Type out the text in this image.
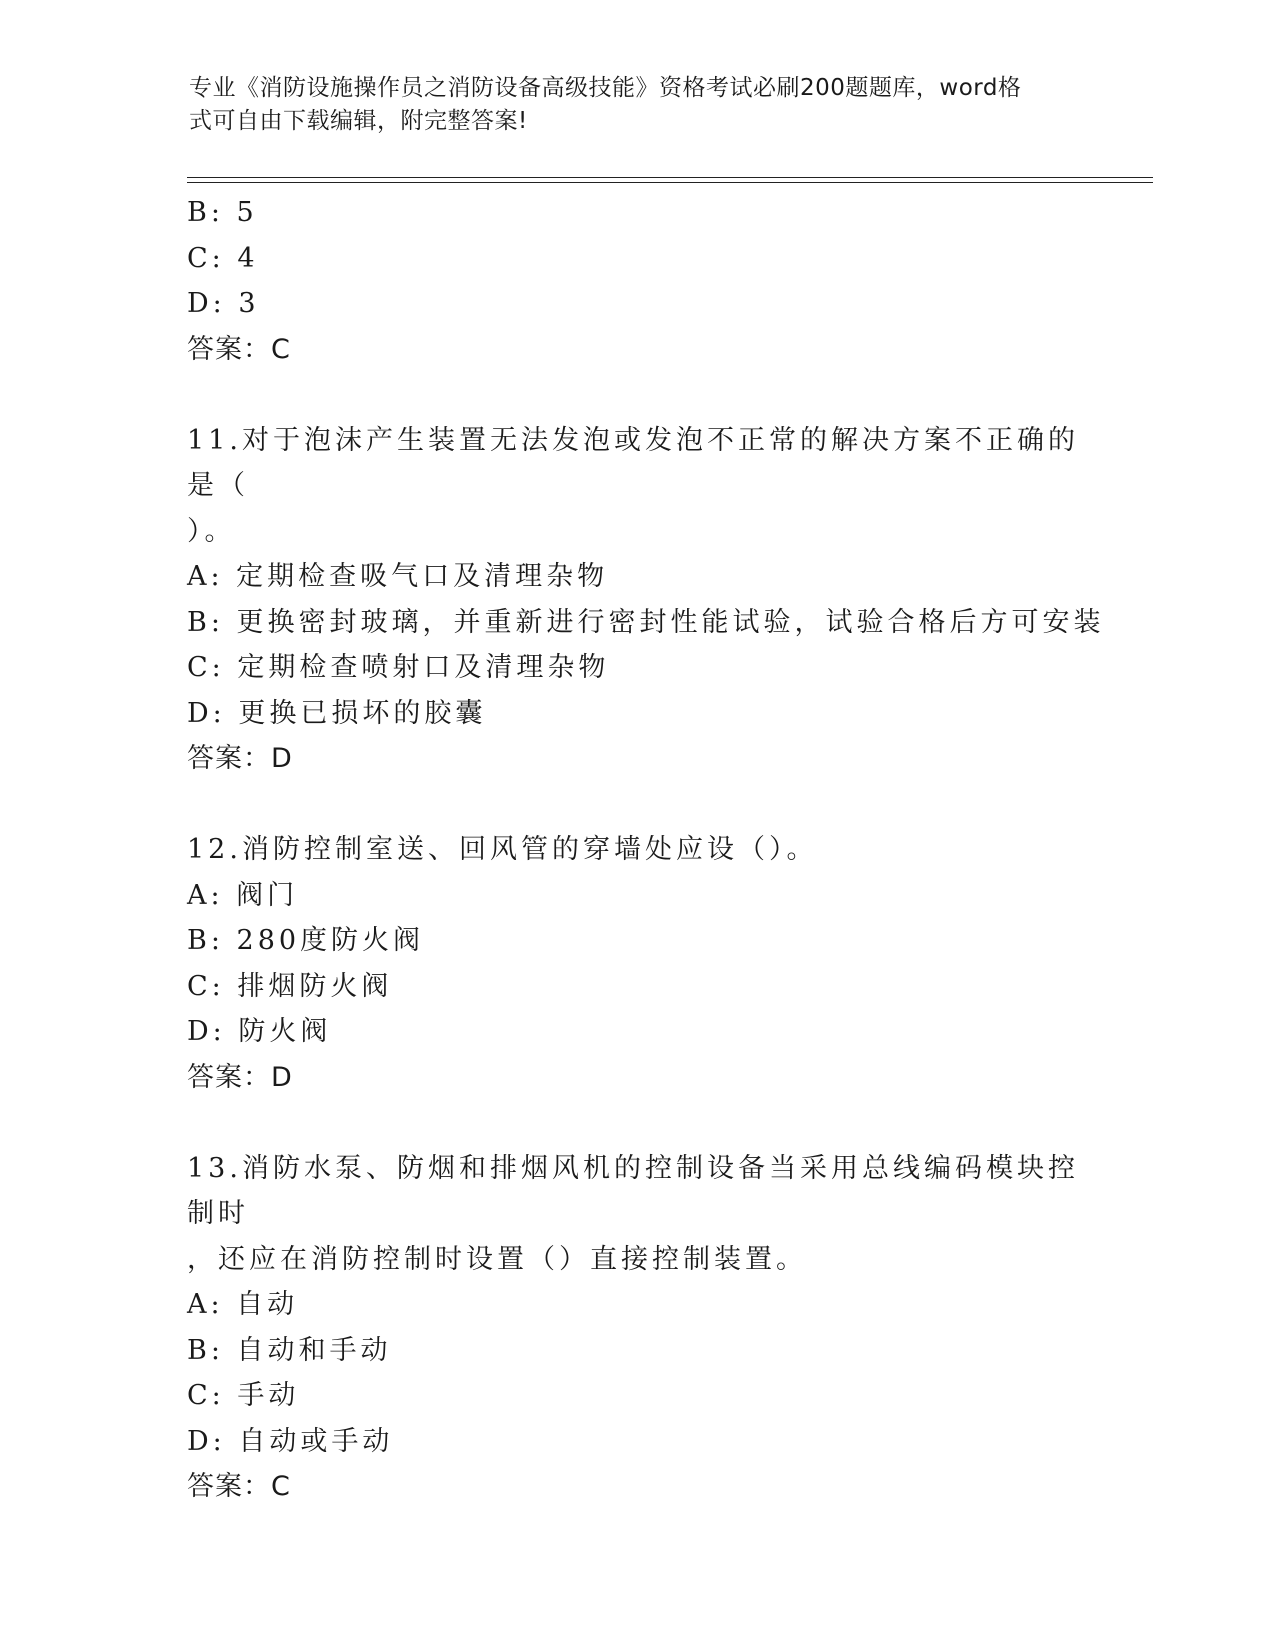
专业《消防设施操作员之消防设备高级技能》资格考试必刷200题题库，word格
式可自由下载编辑，附完整答案!
B: 5
C: 4
D: 3
答案：C
11.对于泡沫产生装置无法发泡或发泡不正常的解决方案不正确的是（
）。
A: 定期检查吸气口及清理杂物
B: 更换密封玻璃，并重新进行密封性能试验，试验合格后方可安装
C: 定期检查喷射口及清理杂物
D: 更换已损坏的胶囊
答案：D
12.消防控制室送、回风管的穿墙处应设（）。
A: 阀门
B: 280度防火阀
C: 排烟防火阀
D: 防火阀
答案：D
13.消防水泵、防烟和排烟风机的控制设备当采用总线编码模块控制时
，还应在消防控制时设置（）直接控制装置。
A: 自动
B: 自动和手动
C: 手动
D: 自动或手动
答案：C
